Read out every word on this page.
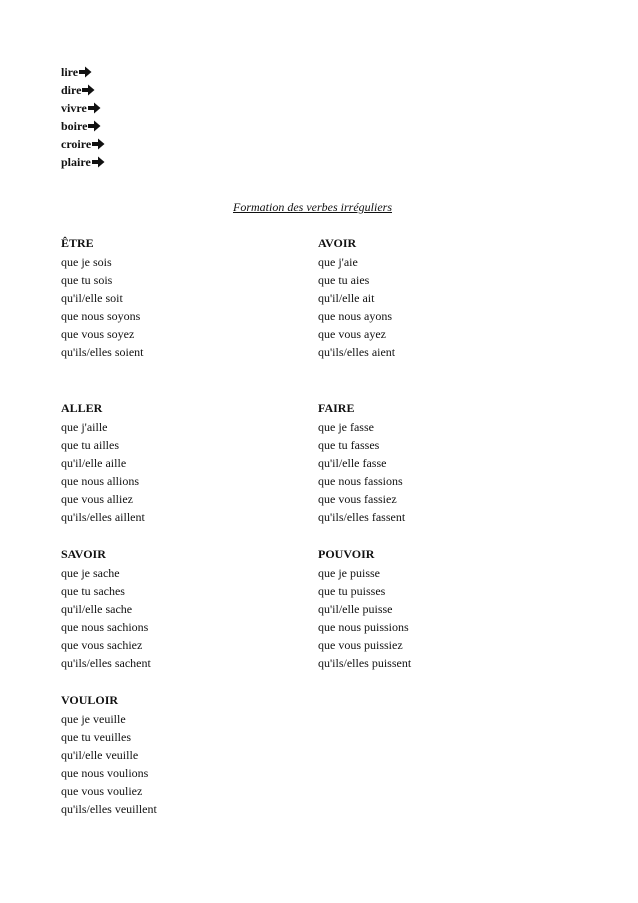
lire
dire
vivre
boire
croire
plaire
Formation des verbes irréguliers
ÊTRE
que je sois
que tu sois
qu'il/elle soit
que nous soyons
que vous soyez
qu'ils/elles soient
AVOIR
que j'aie
que tu aies
qu'il/elle ait
que nous ayons
que vous ayez
qu'ils/elles aient
ALLER
que j'aille
que tu ailles
qu'il/elle aille
que nous allions
que vous alliez
qu'ils/elles aillent
FAIRE
que je fasse
que tu fasses
qu'il/elle fasse
que nous fassions
que vous fassiez
qu'ils/elles fassent
SAVOIR
que je sache
que tu saches
qu'il/elle sache
que nous sachions
que vous sachiez
qu'ils/elles sachent
POUVOIR
que je puisse
que tu puisses
qu'il/elle puisse
que nous puissions
que vous puissiez
qu'ils/elles puissent
VOULOIR
que je veuille
que tu veuilles
qu'il/elle veuille
que nous voulions
que vous vouliez
qu'ils/elles veuillent
